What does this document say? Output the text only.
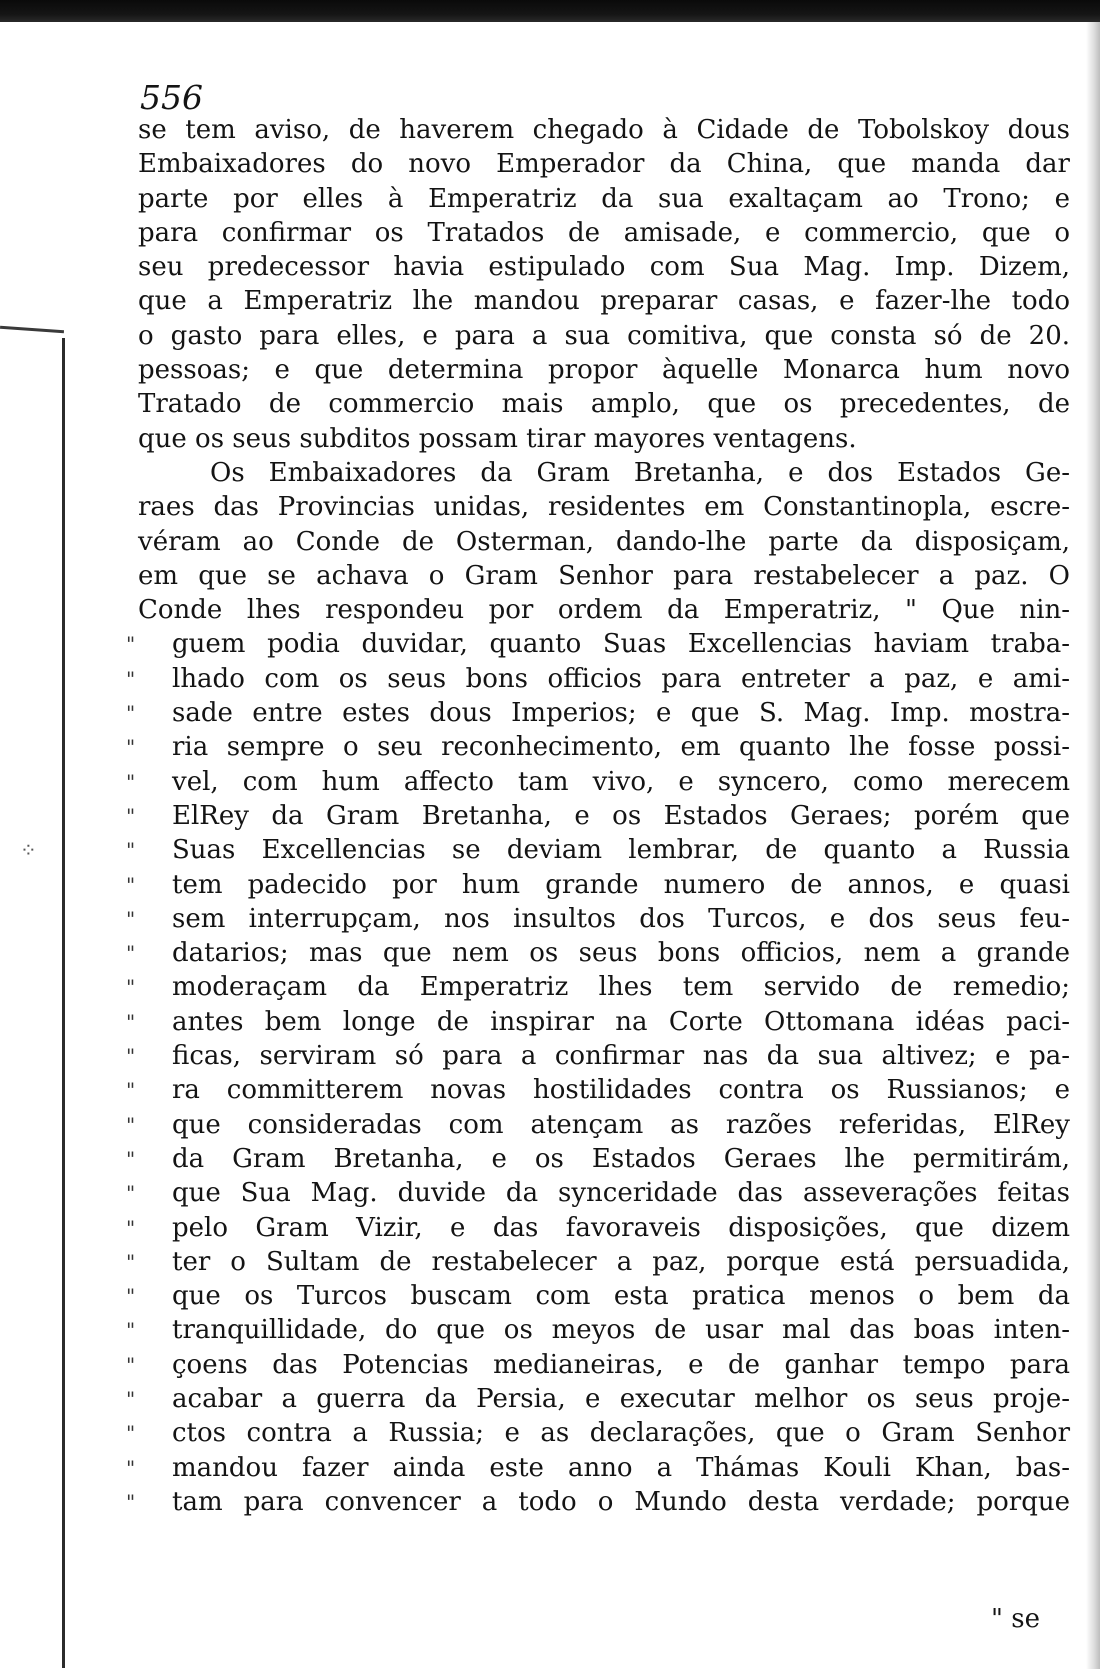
⁘
556
se tem aviso, de haverem chegado à Cidade de Tobolskoy dous
Embaixadores do novo Emperador da China, que manda dar
parte por elles à Emperatriz da sua exaltaçam ao Trono; e
para confirmar os Tratados de amisade, e commercio, que o
seu predecessor havia estipulado com Sua Mag. Imp. Dizem,
que a Emperatriz lhe mandou preparar casas, e fazer-lhe todo
o gasto para elles, e para a sua comitiva, que consta só de 20.
pessoas; e que determina propor àquelle Monarca hum novo
Tratado de commercio mais amplo, que os precedentes, de
que os seus subditos possam tirar mayores ventagens.
Os Embaixadores da Gram Bretanha, e dos Estados Ge-
raes das Provincias unidas, residentes em Constantinopla, escre-
véram ao Conde de Osterman, dando-lhe parte da disposiçam,
em que se achava o Gram Senhor para restabelecer a paz. O
Conde lhes respondeu por ordem da Emperatriz, " Que nin-
" guem podia duvidar, quanto Suas Excellencias haviam traba-
" lhado com os seus bons officios para entreter a paz, e ami-
" sade entre estes dous Imperios; e que S. Mag. Imp. mostra-
" ria sempre o seu reconhecimento, em quanto lhe fosse possi-
" vel, com hum affecto tam vivo, e syncero, como merecem
" ElRey da Gram Bretanha, e os Estados Geraes; porém que
" Suas Excellencias se deviam lembrar, de quanto a Russia
" tem padecido por hum grande numero de annos, e quasi
" sem interrupçam, nos insultos dos Turcos, e dos seus feu-
" datarios; mas que nem os seus bons officios, nem a grande
" moderaçam da Emperatriz lhes tem servido de remedio;
" antes bem longe de inspirar na Corte Ottomana idéas paci-
" ficas, serviram só para a confirmar nas da sua altivez; e pa-
" ra committerem novas hostilidades contra os Russianos; e
" que consideradas com atençam as razões referidas, ElRey
" da Gram Bretanha, e os Estados Geraes lhe permitirám,
" que Sua Mag. duvide da synceridade das asseverações feitas
" pelo Gram Vizir, e das favoraveis disposições, que dizem
" ter o Sultam de restabelecer a paz, porque está persuadida,
" que os Turcos buscam com esta pratica menos o bem da
" tranquillidade, do que os meyos de usar mal das boas inten-
" çoens das Potencias medianeiras, e de ganhar tempo para
" acabar a guerra da Persia, e executar melhor os seus proje-
" ctos contra a Russia; e as declarações, que o Gram Senhor
" mandou fazer ainda este anno a Thámas Kouli Khan, bas-
" tam para convencer a todo o Mundo desta verdade; porque
" se
